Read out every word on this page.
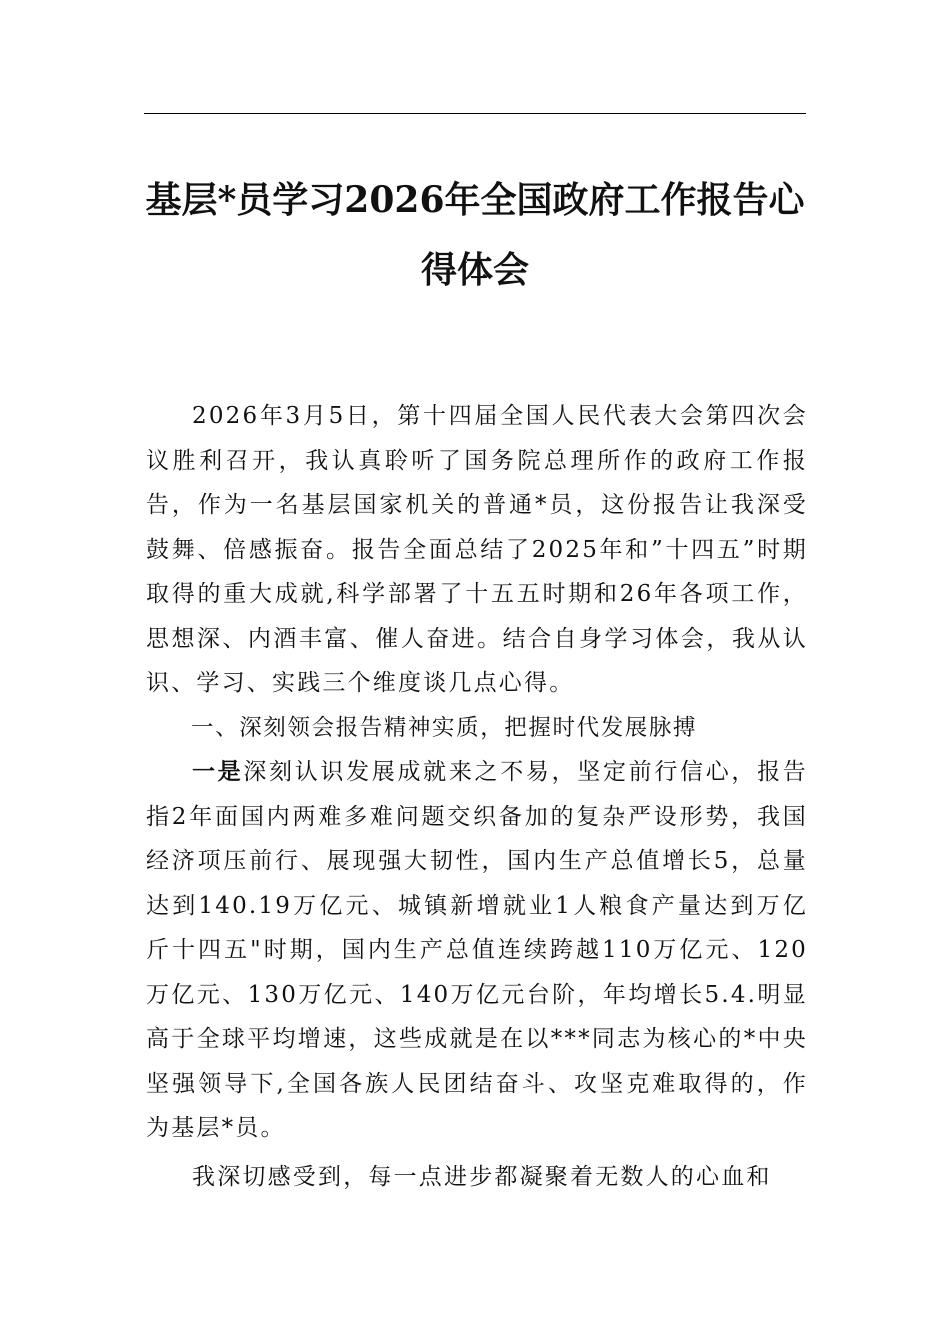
基层*员学习2026年全国政府工作报告心得体会

2026年3月5日，第十四届全国人民代表大会第四次会议胜利召开，我认真聆听了国务院总理所作的政府工作报告，作为一名基层国家机关的普通*员，这份报告让我深受鼓舞、倍感振奋。报告全面总结了2025年和”十四五”时期取得的重大成就,科学部署了十五五时期和26年各项工作，思想深、内酒丰富、催人奋进。结合自身学习体会，我从认识、学习、实践三个维度谈几点心得。

一、深刻领会报告精神实质，把握时代发展脉搏

一是深刻认识发展成就来之不易，坚定前行信心，报告指2年面国内两难多难问题交织备加的复杂严设形势，我国经济项压前行、展现强大韧性，国内生产总值增长5，总量达到140.19万亿元、城镇新增就业1人粮食产量达到万亿斤十四五"时期，国内生产总值连续跨越110万亿元、120万亿元、130万亿元、140万亿元台阶，年均增长5.4.明显高于全球平均增速，这些成就是在以***同志为核心的*中央坚强领导下,全国各族人民团结奋斗、攻坚克难取得的，作为基层*员。

我深切感受到，每一点进步都凝聚着无数人的心血和
